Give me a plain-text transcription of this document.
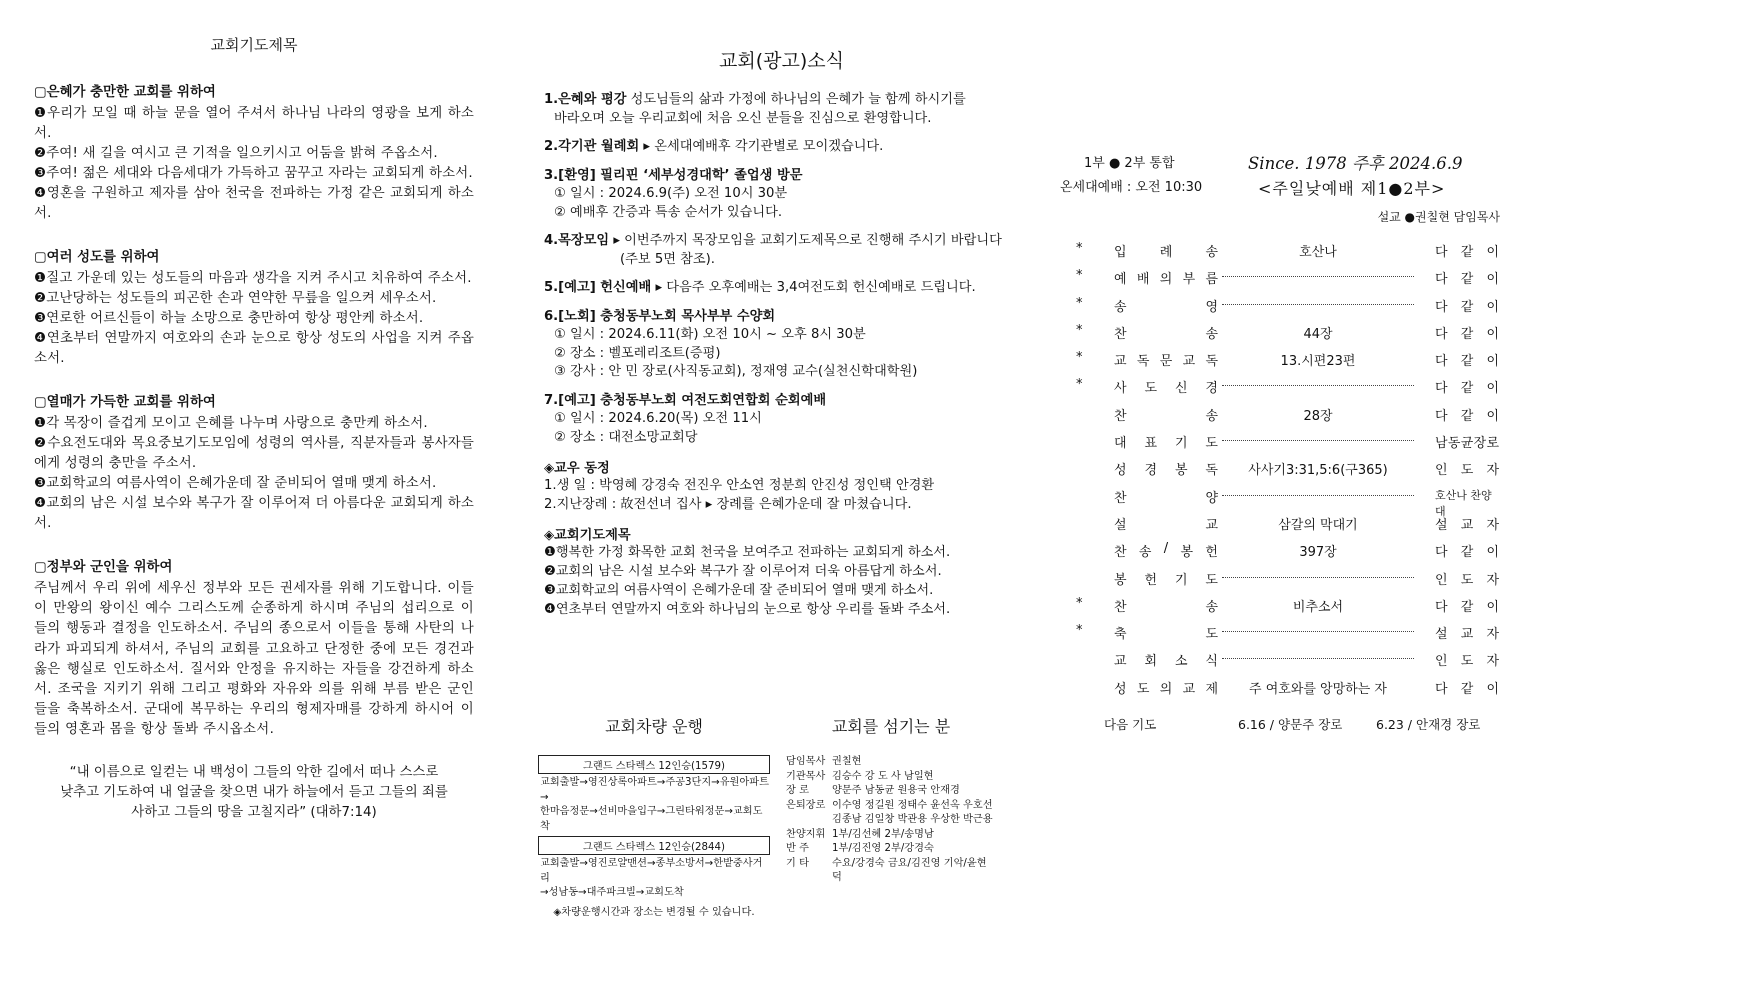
교회기도제목
▢은혜가 충만한 교회를 위하여
❶우리가 모일 때 하늘 문을 열어 주셔서 하나님 나라의 영광을 보게 하소서.
❷주여! 새 길을 여시고 큰 기적을 일으키시고 어둠을 밝혀 주옵소서.
❸주여! 젊은 세대와 다음세대가 가득하고 꿈꾸고 자라는 교회되게 하소서.
❹영혼을 구원하고 제자를 삼아 천국을 전파하는 가정 같은 교회되게 하소서.
▢여러 성도를 위하여
❶질고 가운데 있는 성도들의 마음과 생각을 지켜 주시고 치유하여 주소서.
❷고난당하는 성도들의 피곤한 손과 연약한 무릎을 일으켜 세우소서.
❸연로한 어르신들이 하늘 소망으로 충만하여 항상 평안케 하소서.
❹연초부터 연말까지 여호와의 손과 눈으로 항상 성도의 사업을 지켜 주옵소서.
▢열매가 가득한 교회를 위하여
❶각 목장이 즐겁게 모이고 은혜를 나누며 사랑으로 충만케 하소서.
❷수요전도대와 목요중보기도모임에 성령의 역사를, 직분자들과 봉사자들에게 성령의 충만을 주소서.
❸교회학교의 여름사역이 은혜가운데 잘 준비되어 열매 맺게 하소서.
❹교회의 남은 시설 보수와 복구가 잘 이루어져 더 아름다운 교회되게 하소서.
▢정부와 군인을 위하여
주님께서 우리 위에 세우신 정부와 모든 권세자를 위해 기도합니다. 이들이 만왕의 왕이신 예수 그리스도께 순종하게 하시며 주님의 섭리으로 이들의 행동과 결정을 인도하소서. 주님의 종으로서 이들을 통해 사탄의 나라가 파괴되게 하셔서, 주님의 교회를 고요하고 단정한 중에 모든 경건과 옳은 행실로 인도하소서. 질서와 안정을 유지하는 자들을 강건하게 하소서. 조국을 지키기 위해 그리고 평화와 자유와 의를 위해 부름 받은 군인들을 축복하소서. 군대에 복무하는 우리의 형제자매를 강하게 하시어 이들의 영혼과 몸을 항상 돌봐 주시옵소서.
“내 이름으로 일컫는 내 백성이 그들의 악한 길에서 떠나 스스로
낮추고 기도하여 내 얼굴을 찾으면 내가 하늘에서 듣고 그들의 죄를
사하고 그들의 땅을 고칠지라” (대하7:14)
교회(광고)소식
1.은혜와 평강 성도님들의 삶과 가정에 하나님의 은혜가 늘 함께 하시기를
바라오며 오늘 우리교회에 처음 오신 분들을 진심으로 환영합니다.
2.각기관 월례회 ▸ 온세대예배후 각기관별로 모이겠습니다.
3.[환영] 필리핀 ‘세부성경대학’ 졸업생 방문
① 일시 : 2024.6.9(주) 오전 10시 30분
② 예배후 간증과 특송 순서가 있습니다.
4.목장모임 ▸ 이번주까지 목장모임을 교회기도제목으로 진행해 주시기 바랍니다
(주보 5면 참조).
5.[예고] 헌신예배 ▸ 다음주 오후예배는 3,4여전도회 헌신예배로 드립니다.
6.[노회] 충청동부노회 목사부부 수양회
① 일시 : 2024.6.11(화) 오전 10시 ~ 오후 8시 30분
② 장소 : 벨포레리조트(증평)
③ 강사 : 안 민 장로(사직동교회), 정재영 교수(실천신학대학원)
7.[예고] 충청동부노회 여전도회연합회 순회예배
① 일시 : 2024.6.20(목) 오전 11시
② 장소 : 대전소망교회당
◈교우 동정
1.생 일 : 박영혜 강경숙 전진우 안소연 정분희 안진성 정인택 안경환
2.지난장례 : 故전선녀 집사 ▸ 장례를 은혜가운데 잘 마쳤습니다.
◈교회기도제목
❶행복한 가정 화목한 교회 천국을 보여주고 전파하는 교회되게 하소서.
❷교회의 남은 시설 보수와 복구가 잘 이루어져 더욱 아름답게 하소서.
❸교회학교의 여름사역이 은혜가운데 잘 준비되어 열매 맺게 하소서.
❹연초부터 연말까지 여호와 하나님의 눈으로 항상 우리를 돌봐 주소서.
교회차량 운행
그랜드 스타렉스 12인승(1579)
교회출발→영진상록아파트→주공3단지→유원아파트→
한마음정문→선비마을입구→그린타워정문→교회도착
그랜드 스타렉스 12인승(2844)
교회출발→영진로얄맨션→종부소방서→한밭중사거리
→성남동→대주파크빌→교회도착
◈차량운행시간과 장소는 변경될 수 있습니다.
교회를 섬기는 분
담임목사 권칠현
기관목사 김승수 강 도 사 남일현
장 로	양문주 남동균 원용국 안재경
은퇴장로 이수영 정길원 정태수 윤선옥 우호선
김종남 김일창 박관용 우상한 박근용
찬양지휘 1부/김선혜 2부/송명남
반 주	1부/김진영 2부/강경숙
기 타	수요/강경숙 금요/김진영 기악/윤현덕
1부 ● 2부 통합
온세대예배 : 오전 10:30
Since. 1978 주후 2024.6.9
<주일낮예배 제1●2부>
설교 ●권칠현 담임목사
* 입	례	송	호산나	다 같 이
* 예 배 의 부 름	다 같 이
* 송	영	다 같 이
* 찬	송	44장	다 같 이
* 교 독 문 교 독	13.시편23편	다 같 이
* 사 도 신 경	다 같 이
찬	송	28장	다 같 이
대 표 기 도	남 동 균 장 로
성 경 봉 독	사사기3:31,5:6(구365)	인 도 자
찬	양	호산나 찬양대
설	교	삼갈의 막대기	설 교 자
찬 송 / 봉 헌	397장	다 같 이
봉 헌 기 도	인 도 자
* 찬	송	비추소서	다 같 이
* 축	도	설 교 자
교 회 소 식	인 도 자
성 도 의 교 제	주 여호와를 앙망하는 자	다 같 이
다음 기도	6.16 / 양문주 장로	6.23 / 안재경 장로
